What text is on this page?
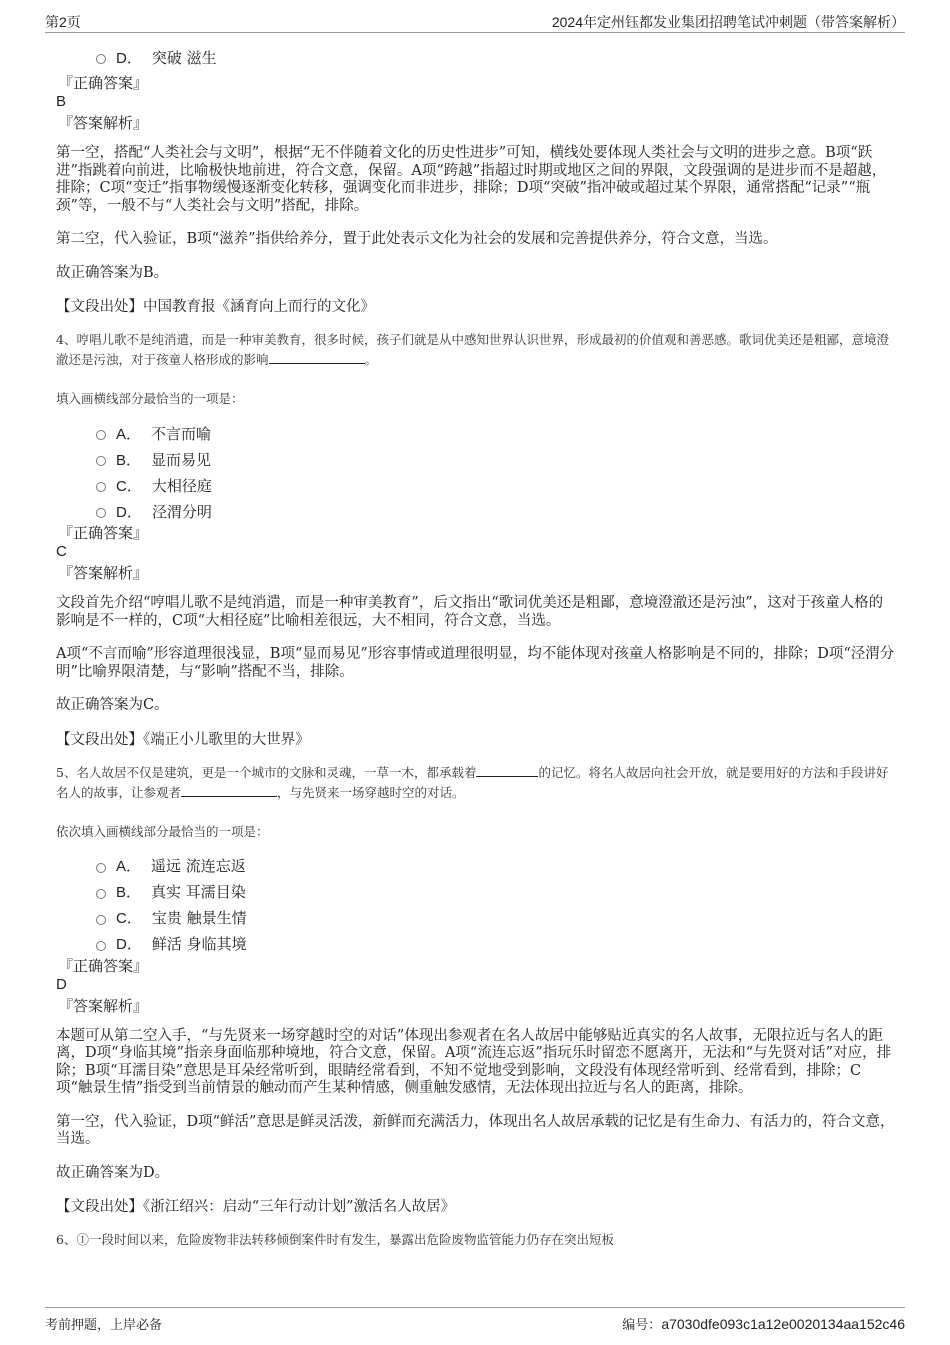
第2页	2024年定州钰都发业集团招聘笔试冲刺题（带答案解析）
D． 突破 滋生
『正确答案』
B
『答案解析』

第一空，搭配“人类社会与文明”，根据“无不伴随着文化的历史性进步”可知，横线处要体现人类社会与文明的进步之意。B项“跃进”指跳着向前进，比喻极快地前进，符合文意，保留。A项“跨越”指超过时期或地区之间的界限，文段强调的是进步而不是超越，排除；C项“变迁”指事物缓慢逐渐变化转移，强调变化而非进步，排除；D项“突破”指冲破或超过某个界限，通常搭配“记录”“瓶颈”等，一般不与“人类社会与文明”搭配，排除。

第二空，代入验证，B项“滋养”指供给养分，置于此处表示文化为社会的发展和完善提供养分，符合文意，当选。

故正确答案为B。

【文段出处】中国教育报《涵育向上而行的文化》
4、哼唱儿歌不是纯消遣，而是一种审美教育，很多时候，孩子们就是从中感知世界认识世界，形成最初的价值观和善恶感。歌词优美还是粗鄙，意境澄澈还是污浊，对于孩童人格形成的影响	。
填入画横线部分最恰当的一项是：
A． 不言而喻
B． 显而易见
C． 大相径庭
D． 泾渭分明
『正确答案』
C
『答案解析』

文段首先介绍“哼唱儿歌不是纯消遣，而是一种审美教育”，后文指出“歌词优美还是粗鄙，意境澄澈还是污浊”，这对于孩童人格的影响是不一样的，C项“大相径庭”比喻相差很远，大不相同，符合文意，当选。

A项“不言而喻”形容道理很浅显，B项“显而易见”形容事情或道理很明显，均不能体现对孩童人格影响是不同的，排除；D项“泾渭分明”比喻界限清楚，与“影响”搭配不当，排除。

故正确答案为C。

【文段出处】《端正小儿歌里的大世界》
5、名人故居不仅是建筑，更是一个城市的文脉和灵魂，一草一木，都承载着	的记忆。将名人故居向社会开放，就是要用好的方法和手段讲好名人的故事，让参观者	，与先贤来一场穿越时空的对话。
依次填入画横线部分最恰当的一项是：
A． 遥远 流连忘返
B． 真实 耳濡目染
C． 宝贵 触景生情
D． 鲜活 身临其境
『正确答案』
D
『答案解析』

本题可从第二空入手，“与先贤来一场穿越时空的对话”体现出参观者在名人故居中能够贴近真实的名人故事，无限拉近与名人的距离，D项“身临其境”指亲身面临那种境地，符合文意，保留。A项“流连忘返”指玩乐时留恋不愿离开，无法和“与先贤对话”对应，排除；B项“耳濡目染”意思是耳朵经常听到，眼睛经常看到，不知不觉地受到影响，文段没有体现经常听到、经常看到，排除；C项“触景生情”指受到当前情景的触动而产生某种情感，侧重触发感情，无法体现出拉近与名人的距离，排除。

第一空，代入验证，D项“鲜活”意思是鲜灵活泼，新鲜而充满活力，体现出名人故居承载的记忆是有生命力、有活力的，符合文意，当选。

故正确答案为D。

【文段出处】《浙江绍兴：启动“三年行动计划”激活名人故居》
6、①一段时间以来，危险废物非法转移倾倒案件时有发生，暴露出危险废物监管能力仍存在突出短板
考前押题，上岸必备	编号：a7030dfe093c1a12e0020134aa152c46
